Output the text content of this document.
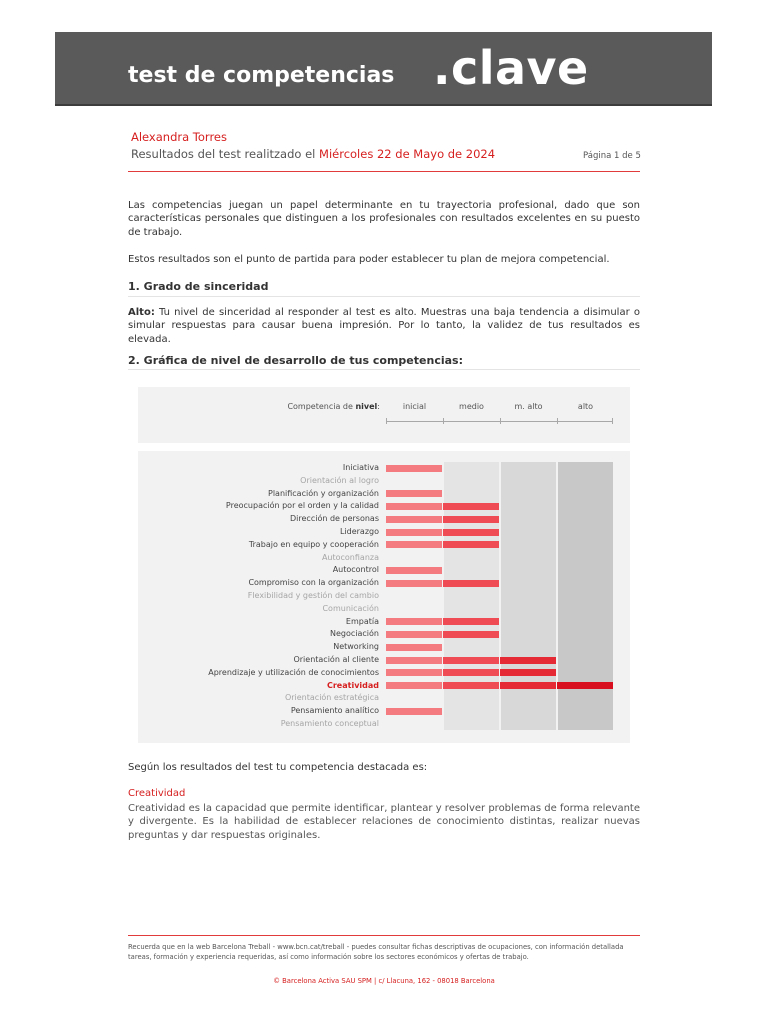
test de competencias .clave
Alexandra Torres
Resultados del test realitzado el Miércoles 22 de Mayo de 2024	Página 1 de 5
Las competencias juegan un papel determinante en tu trayectoria profesional, dado que son características personales que distinguen a los profesionales con resultados excelentes en su puesto de trabajo.
Estos resultados son el punto de partida para poder establecer tu plan de mejora competencial.
1. Grado de sinceridad
Alto: Tu nivel de sinceridad al responder al test es alto. Muestras una baja tendencia a disimular o simular respuestas para causar buena impresión. Por lo tanto, la validez de tus resultados es elevada.
2. Gráfica de nivel de desarrollo de tus competencias:
Competencia de nivel:	inicial	medio	m. alto	alto
Iniciativa
Orientación al logro
Planificación y organización
Preocupación por el orden y la calidad
Dirección de personas
Liderazgo
Trabajo en equipo y cooperación
Autoconfianza
Autocontrol
Compromiso con la organización
Flexibilidad y gestión del cambio
Comunicación
Empatía
Negociación
Networking
Orientación al cliente
Aprendizaje y utilización de conocimientos
Creatividad
Orientación estratégica
Pensamiento analítico
Pensamiento conceptual
Según los resultados del test tu competencia destacada es:
Creatividad
Creatividad es la capacidad que permite identificar, plantear y resolver problemas de forma relevante y divergente. Es la habilidad de establecer relaciones de conocimiento distintas, realizar nuevas preguntas y dar respuestas originales.
Recuerda que en la web Barcelona Treball - www.bcn.cat/treball - puedes consultar fichas descriptivas de ocupaciones, con información detallada tareas, formación y experiencia requeridas, así como información sobre los sectores económicos y ofertas de trabajo.
© Barcelona Activa SAU SPM | c/ Llacuna, 162 - 08018 Barcelona
